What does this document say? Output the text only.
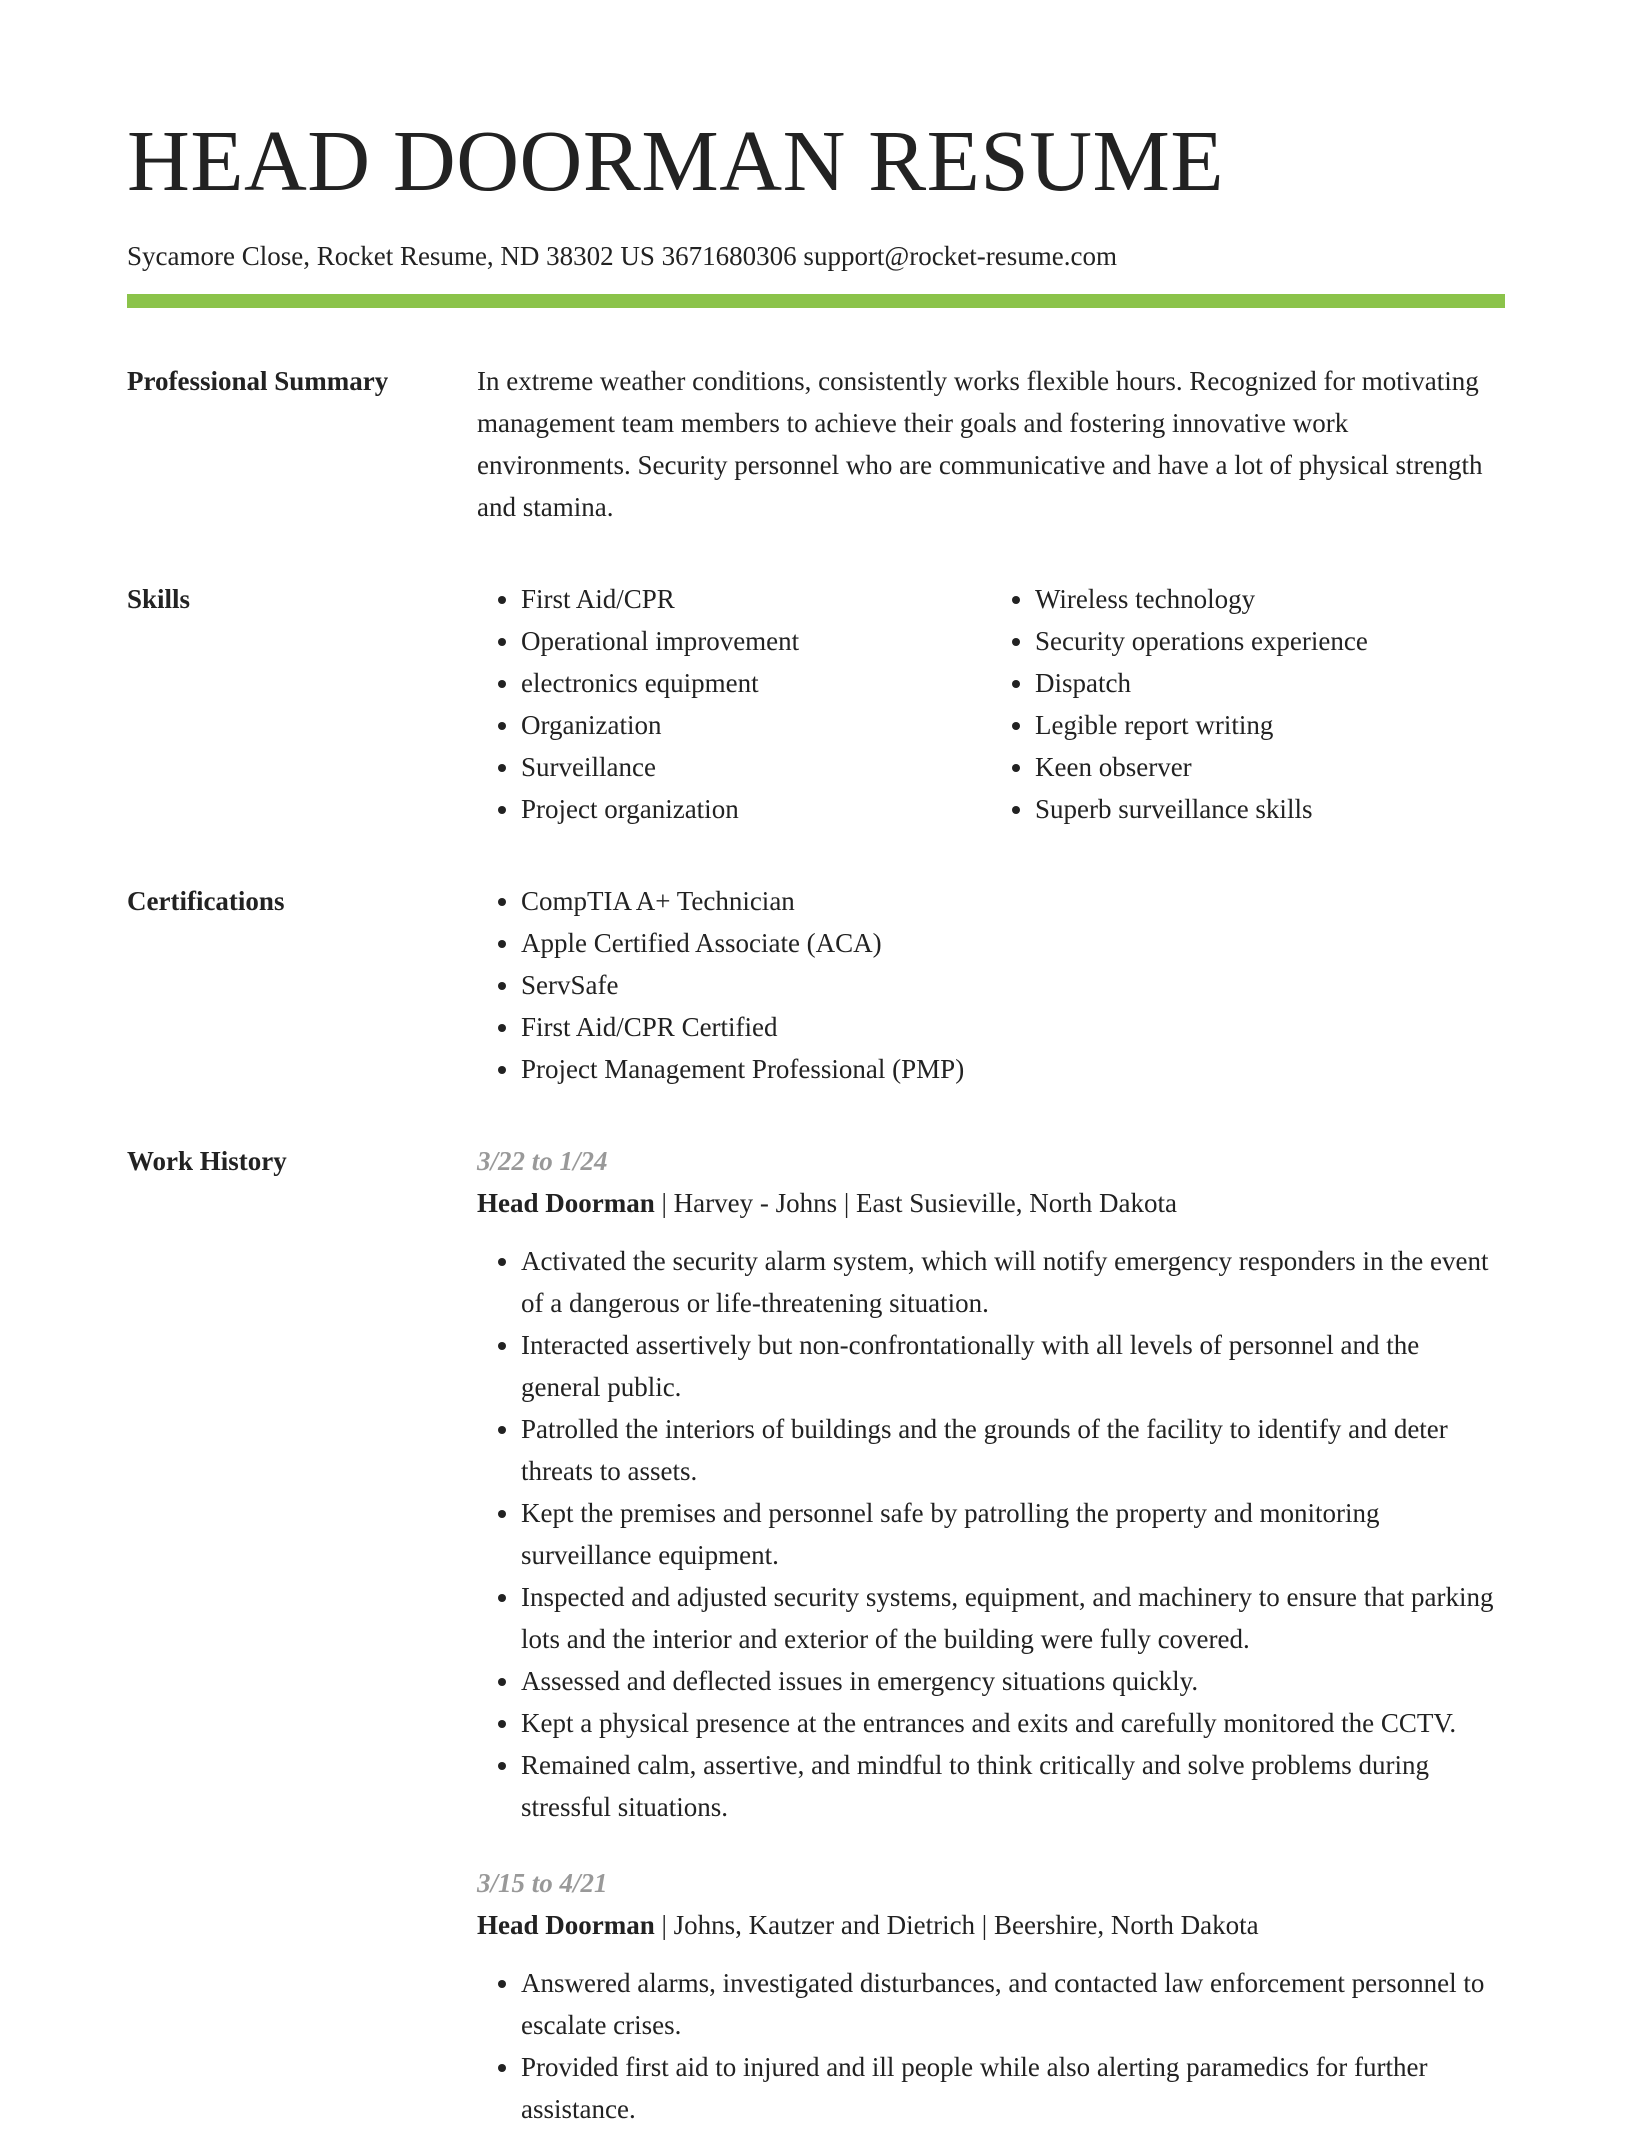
HEAD DOORMAN RESUME
Sycamore Close, Rocket Resume, ND 38302 US 3671680306 support@rocket-resume.com
Professional Summary	In extreme weather conditions, consistently works flexible hours. Recognized for motivating management team members to achieve their goals and fostering innovative work environments. Security personnel who are communicative and have a lot of physical strength and stamina.

Skills	• First Aid/CPR
• Operational improvement
• electronics equipment
• Organization
• Surveillance
• Project organization
• Wireless technology
• Security operations experience
• Dispatch
• Legible report writing
• Keen observer
• Superb surveillance skills
Certifications	• CompTIA A+ Technician
• Apple Certified Associate (ACA)
• ServSafe
• First Aid/CPR Certified
• Project Management Professional (PMP)
Work History	3/22 to 1/24
Head Doorman | Harvey - Johns | East Susieville, North Dakota
• Activated the security alarm system, which will notify emergency responders in the event of a dangerous or life-threatening situation.
• Interacted assertively but non-confrontationally with all levels of personnel and the general public.
• Patrolled the interiors of buildings and the grounds of the facility to identify and deter threats to assets.
• Kept the premises and personnel safe by patrolling the property and monitoring surveillance equipment.
• Inspected and adjusted security systems, equipment, and machinery to ensure that parking lots and the interior and exterior of the building were fully covered.
• Assessed and deflected issues in emergency situations quickly.
• Kept a physical presence at the entrances and exits and carefully monitored the CCTV.
• Remained calm, assertive, and mindful to think critically and solve problems during stressful situations.
3/15 to 4/21
Head Doorman | Johns, Kautzer and Dietrich | Beershire, North Dakota
• Answered alarms, investigated disturbances, and contacted law enforcement personnel to escalate crises.
• Provided first aid to injured and ill people while also alerting paramedics for further assistance.
